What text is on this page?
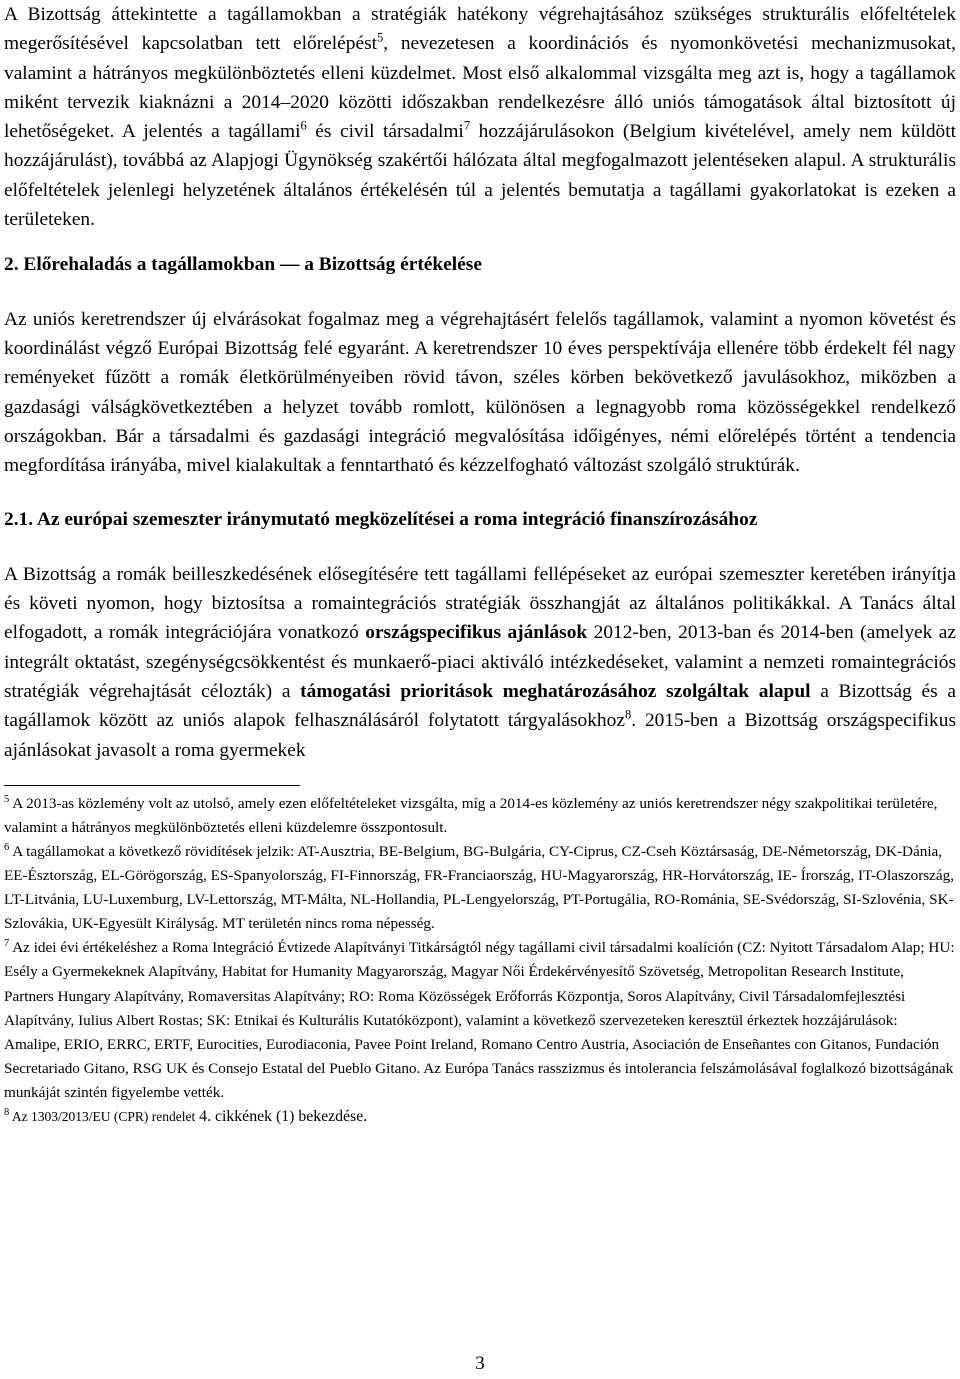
A Bizottság áttekintette a tagállamokban a stratégiák hatékony végrehajtásához szükséges strukturális előfeltételek megerősítésével kapcsolatban tett előrelépést$^5$, nevezetesen a koordinációs és nyomonkövetési mechanizmusokat, valamint a hátrányos megkülönböztetés elleni küzdelmet. Most első alkalommal vizsgálta meg azt is, hogy a tagállamok miként tervezik kiaknázni a 2014–2020 közötti időszakban rendelkezésre álló uniós támogatások által biztosított új lehetőségeket. A jelentés a tagállami$^6$ és civil társadalmi$^7$ hozzájárulásokon (Belgium kivételével, amely nem küldött hozzájárulást), továbbá az Alapjogi Ügynökség szakértői hálózata által megfogalmazott jelentéseken alapul. A strukturális előfeltételek jelenlegi helyzetének általános értékelésén túl a jelentés bemutatja a tagállami gyakorlatokat is ezeken a területeken.

2. Előrehaladás a tagállamokban — a Bizottság értékelése

Az uniós keretrendszer új elvárásokat fogalmaz meg a végrehajtásért felelős tagállamok, valamint a nyomon követést és koordinálást végző Európai Bizottság felé egyaránt. A keretrendszer 10 éves perspektívája ellenére több érdekelt fél nagy reményeket fűzött a romák életkörülményeiben rövid távon, széles körben bekövetkező javulásokhoz, miközben a gazdasági válságkövetkeztében a helyzet tovább romlott, különösen a legnagyobb roma közösségekkel rendelkező országokban. Bár a társadalmi és gazdasági integráció megvalósítása időigényes, némi előrelépés történt a tendencia megfordítása irányába, mivel kialakultak a fenntartható és kézzelfogható változást szolgáló struktúrák.

2.1. Az európai szemeszter iránymutató megközelítései a roma integráció finanszírozásához

A Bizottság a romák beilleszkedésének elősegítésére tett tagállami fellépéseket az európai szemeszter keretében irányítja és követi nyomon, hogy biztosítsa a romaintegrációs stratégiák összhangját az általános politikákkal. A Tanács által elfogadott, a romák integrációjára vonatkozó országspecifikus ajánlások 2012-ben, 2013-ban és 2014-ben (amelyek az integrált oktatást, szegénységcsökkentést és munkaerő-piaci aktiváló intézkedéseket, valamint a nemzeti romaintegrációs stratégiák végrehajtását célozták) a támogatási prioritások meghatározásához szolgáltak alapul a Bizottság és a tagállamok között az uniós alapok felhasználásáról folytatott tárgyalásokhoz$^8$. 2015-ben a Bizottság országspecifikus ajánlásokat javasolt a roma gyermekek

$^5$ A 2013-as közlemény volt az utolsó, amely ezen előfeltételeket vizsgálta, míg a 2014-es közlemény az uniós keretrendszer négy szakpolitikai területére, valamint a hátrányos megkülönböztetés elleni küzdelemre összpontosult.

$^6$ A tagállamokat a következő rövidítések jelzik: AT-Ausztria, BE-Belgium, BG-Bulgária, CY-Ciprus, CZ-Cseh Köztársaság, DE-Németország, DK-Dánia, EE-Észtország, EL-Görögország, ES-Spanyolország, FI-Finnország, FR-Franciaország, HU-Magyarország, HR-Horvátország, IE- Írország, IT-Olaszország, LT-Litvánia, LU-Luxemburg, LV-Lettország, MT-Málta, NL-Hollandia, PL-Lengyelország, PT-Portugália, RO-Románia, SE-Svédország, SI-Szlovénia, SK-Szlovákia, UK-Egyesült Királyság. MT területén nincs roma népesség.

$^7$ Az idei évi értékeléshez a Roma Integráció Évtizede Alapítványi Titkárságtól négy tagállami civil társadalmi koalíción (CZ: Nyitott Társadalom Alap; HU: Esély a Gyermekeknek Alapítvány, Habitat for Humanity Magyarország, Magyar Női Érdekérvényesítő Szövetség, Metropolitan Research Institute, Partners Hungary Alapítvány, Romaversitas Alapítvány; RO: Roma Közösségek Erőforrás Központja, Soros Alapítvány, Civil Társadalomfejlesztési Alapítvány, Iulius Albert Rostas; SK: Etnikai és Kulturális Kutatóközpont), valamint a következő szervezeteken keresztül érkeztek hozzájárulások: Amalipe, ERIO, ERRC, ERTF, Eurocities, Eurodiaconia, Pavee Point Ireland, Romano Centro Austria, Asociación de Enseñantes con Gitanos, Fundación Secretariado Gitano, RSG UK és Consejo Estatal del Pueblo Gitano. Az Európa Tanács rasszizmus és intolerancia felszámolásával foglalkozó bizottságának munkáját szintén figyelembe vették.

$^8$ Az 1303/2013/EU (CPR) rendelet 4. cikkének (1) bekezdése.

3
